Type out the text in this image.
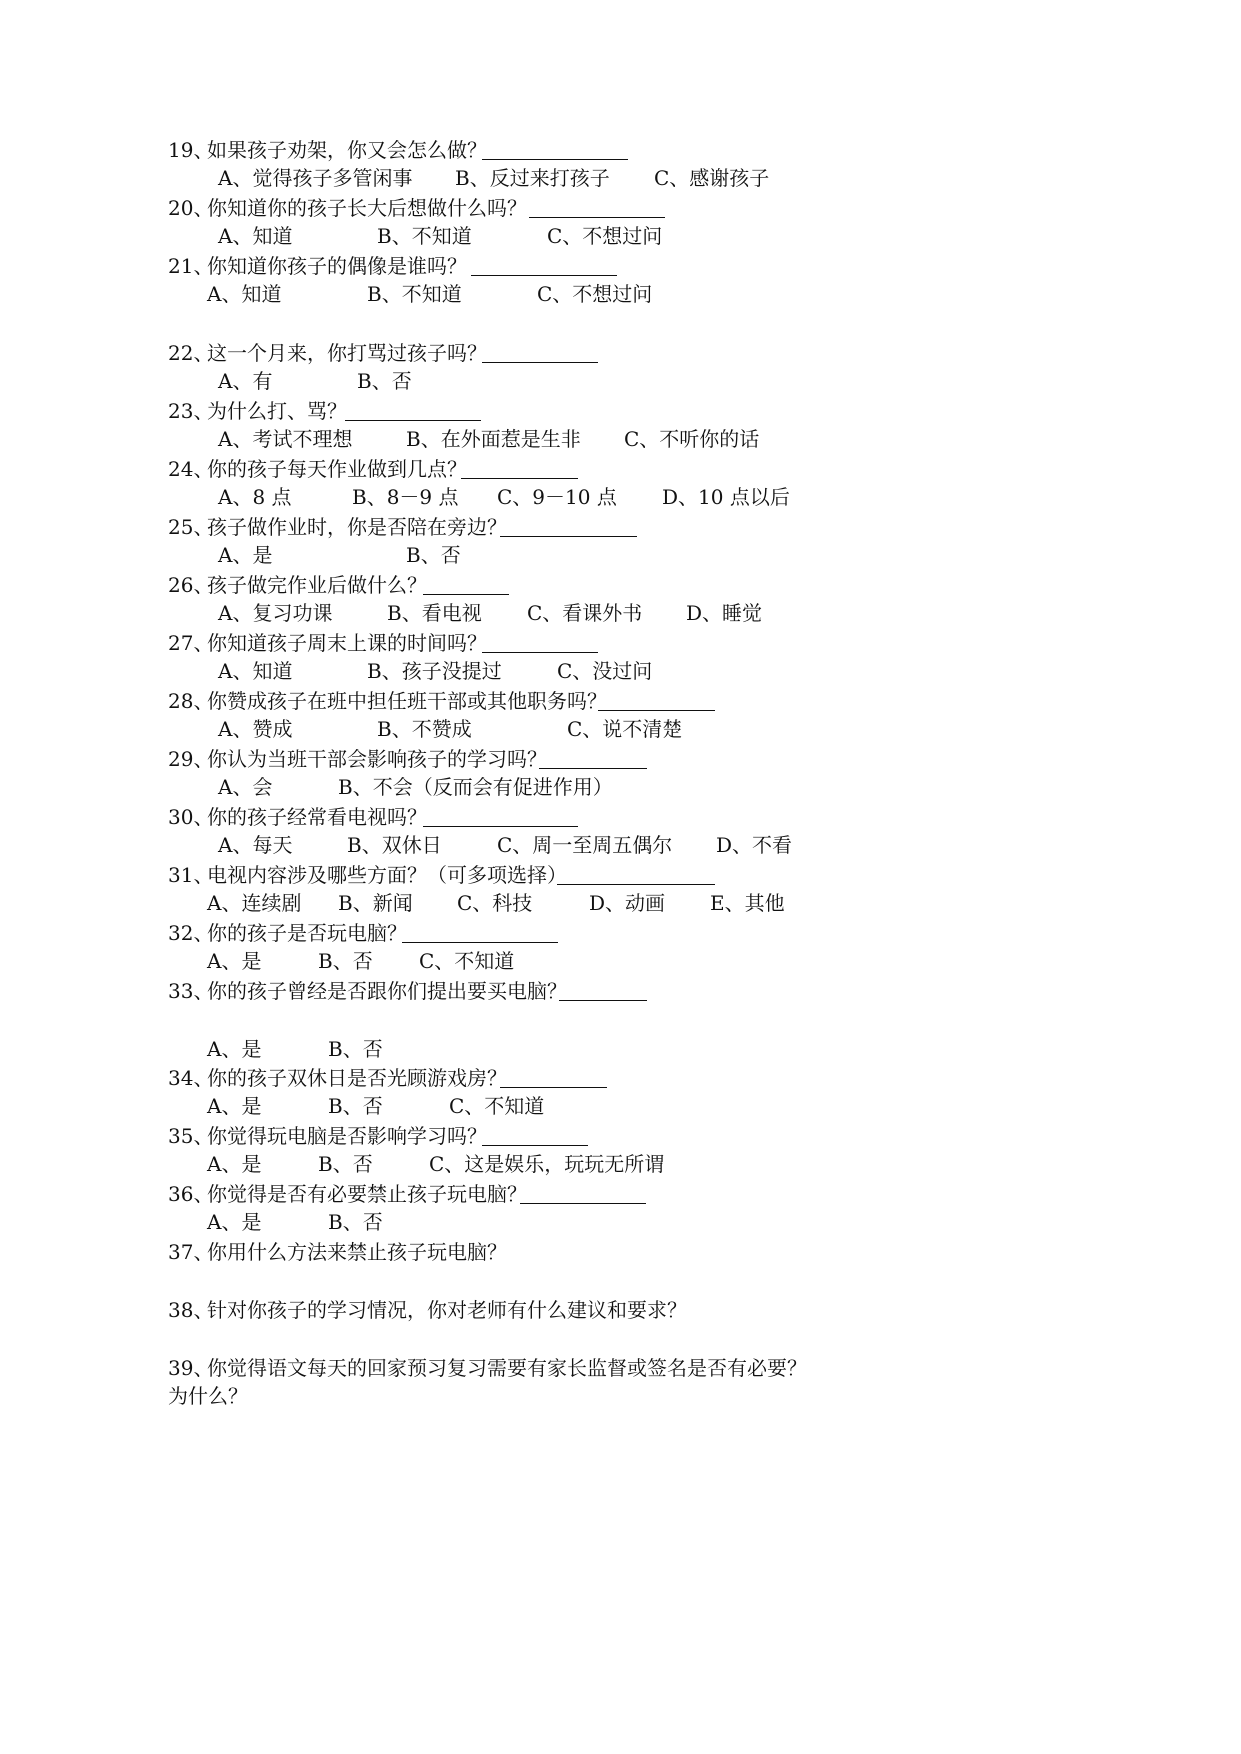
19、如果孩子劝架，你又会怎么做？
A、觉得孩子多管闲事 B、反过来打孩子 C、感谢孩子
20、你知道你的孩子长大后想做什么吗？
A、知道	B、不知道	C、不想过问
21、你知道你孩子的偶像是谁吗？
A、知道	B、不知道	C、不想过问
22、这一个月来，你打骂过孩子吗？
A、有	B、否
23、为什么打、骂？
A、考试不理想	B、在外面惹是生非 C、不听你的话
24、你的孩子每天作业做到几点？
A、8 点	B、8－9 点 C、9－10 点 D、10 点以后
25、孩子做作业时，你是否陪在旁边？
A、是	B、否
26、孩子做完作业后做什么？
A、复习功课	B、看电视 C、看课外书 D、睡觉
27、你知道孩子周末上课的时间吗？
A、知道	B、孩子没提过	C、没过问
28、你赞成孩子在班中担任班干部或其他职务吗？
A、赞成	B、不赞成	C、说不清楚
29、你认为当班干部会影响孩子的学习吗？
A、会	B、不会（反而会有促进作用）
30、你的孩子经常看电视吗？
A、每天	B、双休日	C、周一至周五偶尔 D、不看
31、电视内容涉及哪些方面？（可多项选择）
A、连续剧 B、新闻 C、科技	D、动画 E、其他
32、你的孩子是否玩电脑？
A、是	B、否 C、不知道
33、你的孩子曾经是否跟你们提出要买电脑？
A、是	B、否
34、你的孩子双休日是否光顾游戏房？
A、是	B、否	C、不知道
35、你觉得玩电脑是否影响学习吗？
A、是	B、否	C、这是娱乐，玩玩无所谓
36、你觉得是否有必要禁止孩子玩电脑？
A、是	B、否
37、你用什么方法来禁止孩子玩电脑？
38、针对你孩子的学习情况，你对老师有什么建议和要求？
39、你觉得语文每天的回家预习复习需要有家长监督或签名是否有必要？
为什么？
